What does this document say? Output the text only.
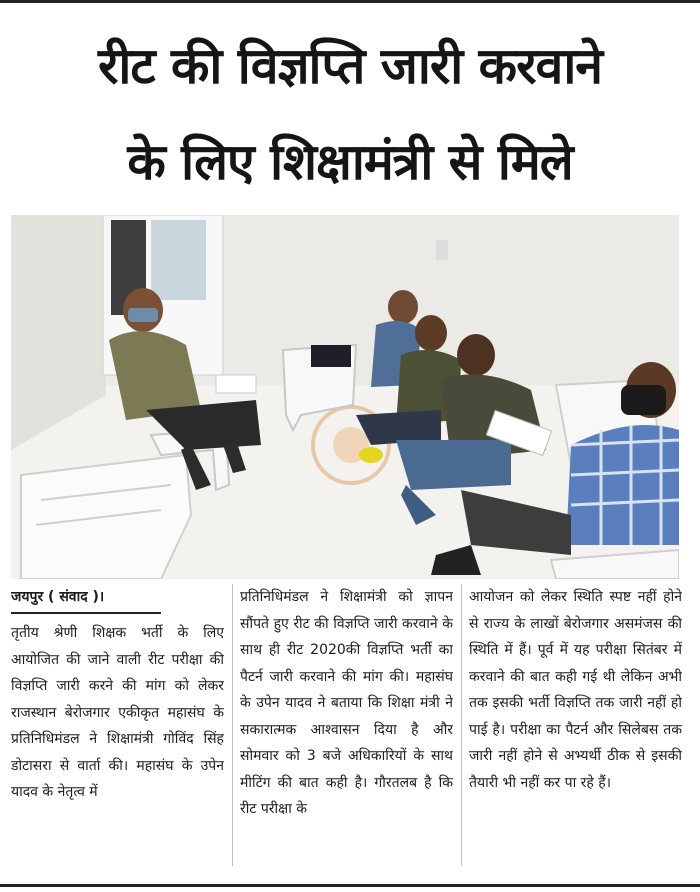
रीट की विज्ञप्ति जारी करवाने
के लिए शिक्षामंत्री से मिले
जयपुर ( संवाद )।
तृतीय श्रेणी शिक्षक भर्ती के लिए आयोजित की जाने वाली रीट परीक्षा की विज्ञप्ति जारी करने की मांग को लेकर राजस्थान बेरोजगार एकीकृत महासंघ के प्रतिनिधिमंडल ने शिक्षामंत्री गोविंद सिंह डोटासरा से वार्ता की। महासंघ के उपेन यादव के नेतृत्व में
प्रतिनिधिमंडल ने शिक्षामंत्री को ज्ञापन सौंपते हुए रीट की विज्ञप्ति जारी करवाने के साथ ही रीट 2020की विज्ञप्ति भर्ती का पैटर्न जारी करवाने की मांग की। महासंघ के उपेन यादव ने बताया कि शिक्षा मंत्री ने सकारात्मक आश्वासन दिया है और सोमवार को 3 बजे अधिकारियों के साथ मीटिंग की बात कही है। गौरतलब है कि रीट परीक्षा के
आयोजन को लेकर स्थिति स्पष्ट नहीं होने से राज्य के लाखों बेरोजगार असमंजस की स्थिति में हैं। पूर्व में यह परीक्षा सितंबर में करवाने की बात कही गई थी लेकिन अभी तक इसकी भर्ती विज्ञप्ति तक जारी नहीं हो पाई है। परीक्षा का पैटर्न और सिलेबस तक जारी नहीं होने से अभ्यर्थी ठीक से इसकी तैयारी भी नहीं कर पा रहे हैं।
